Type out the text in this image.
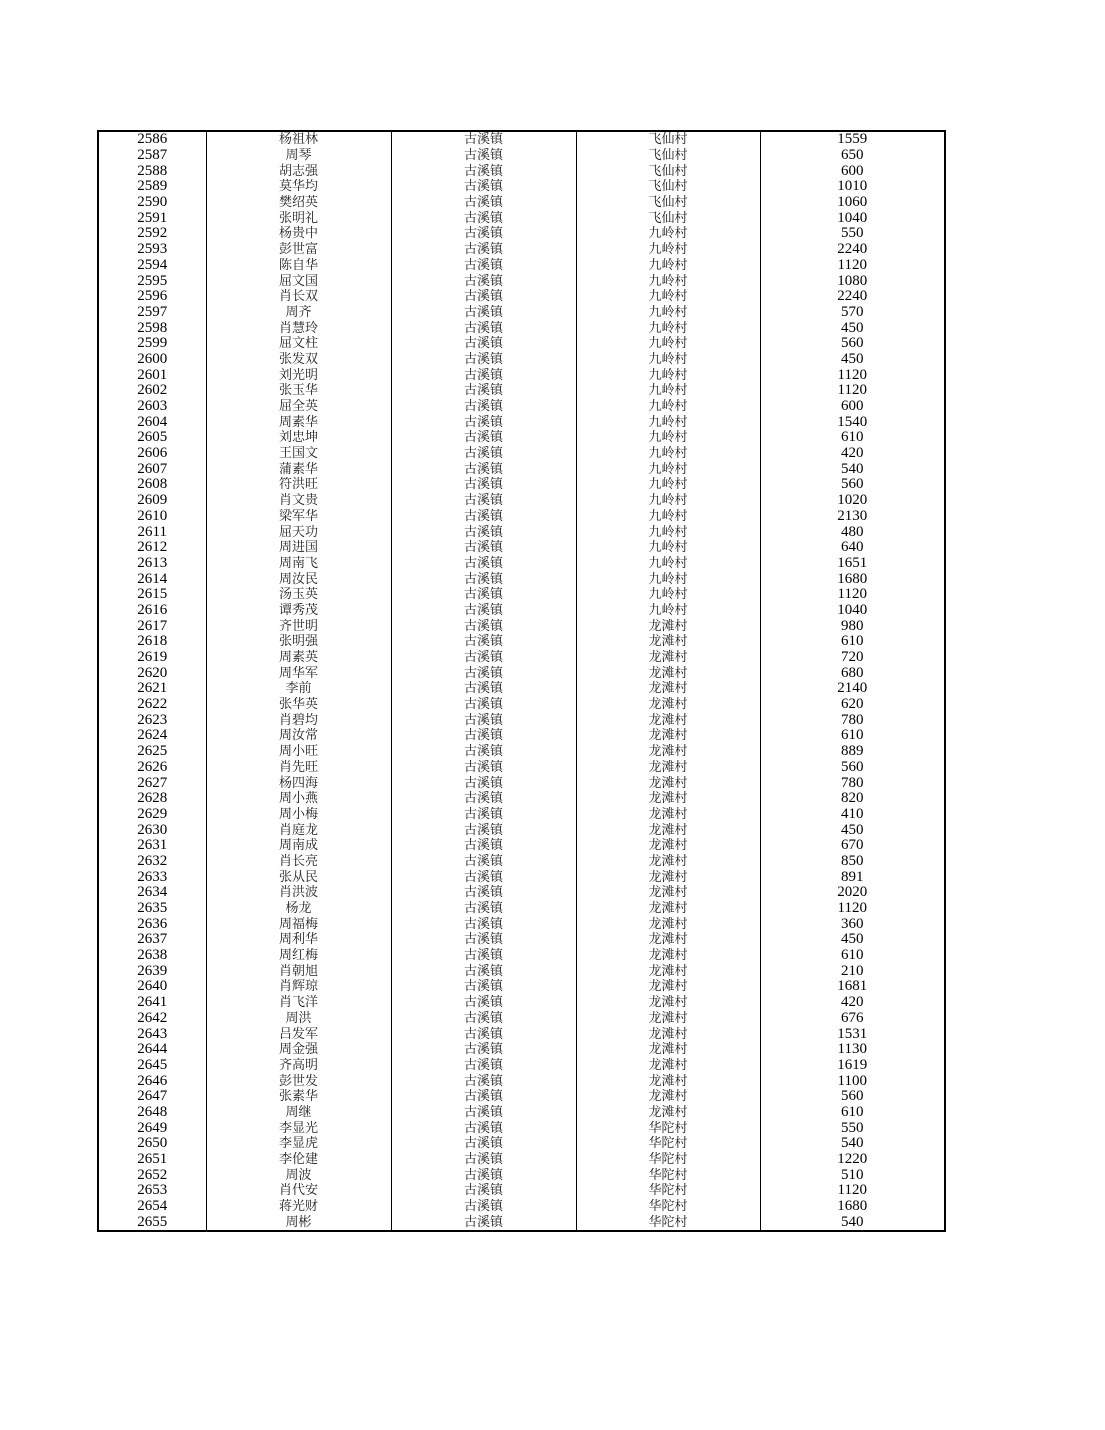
2586	杨祖林	古溪镇	飞仙村	1559
2587	周琴	古溪镇	飞仙村	650
2588	胡志强	古溪镇	飞仙村	600
2589	莫华均	古溪镇	飞仙村	1010
2590	樊绍英	古溪镇	飞仙村	1060
2591	张明礼	古溪镇	飞仙村	1040
2592	杨贵中	古溪镇	九岭村	550
2593	彭世富	古溪镇	九岭村	2240
2594	陈自华	古溪镇	九岭村	1120
2595	屈文国	古溪镇	九岭村	1080
2596	肖长双	古溪镇	九岭村	2240
2597	周齐	古溪镇	九岭村	570
2598	肖慧玲	古溪镇	九岭村	450
2599	屈文柱	古溪镇	九岭村	560
2600	张发双	古溪镇	九岭村	450
2601	刘光明	古溪镇	九岭村	1120
2602	张玉华	古溪镇	九岭村	1120
2603	屈全英	古溪镇	九岭村	600
2604	周素华	古溪镇	九岭村	1540
2605	刘忠坤	古溪镇	九岭村	610
2606	王国文	古溪镇	九岭村	420
2607	蒲素华	古溪镇	九岭村	540
2608	符洪旺	古溪镇	九岭村	560
2609	肖文贵	古溪镇	九岭村	1020
2610	梁军华	古溪镇	九岭村	2130
2611	屈天功	古溪镇	九岭村	480
2612	周进国	古溪镇	九岭村	640
2613	周南飞	古溪镇	九岭村	1651
2614	周汝民	古溪镇	九岭村	1680
2615	汤玉英	古溪镇	九岭村	1120
2616	谭秀茂	古溪镇	九岭村	1040
2617	齐世明	古溪镇	龙滩村	980
2618	张明强	古溪镇	龙滩村	610
2619	周素英	古溪镇	龙滩村	720
2620	周华军	古溪镇	龙滩村	680
2621	李前	古溪镇	龙滩村	2140
2622	张华英	古溪镇	龙滩村	620
2623	肖碧均	古溪镇	龙滩村	780
2624	周汝常	古溪镇	龙滩村	610
2625	周小旺	古溪镇	龙滩村	889
2626	肖先旺	古溪镇	龙滩村	560
2627	杨四海	古溪镇	龙滩村	780
2628	周小燕	古溪镇	龙滩村	820
2629	周小梅	古溪镇	龙滩村	410
2630	肖庭龙	古溪镇	龙滩村	450
2631	周南成	古溪镇	龙滩村	670
2632	肖长亮	古溪镇	龙滩村	850
2633	张从民	古溪镇	龙滩村	891
2634	肖洪波	古溪镇	龙滩村	2020
2635	杨龙	古溪镇	龙滩村	1120
2636	周福梅	古溪镇	龙滩村	360
2637	周利华	古溪镇	龙滩村	450
2638	周红梅	古溪镇	龙滩村	610
2639	肖朝旭	古溪镇	龙滩村	210
2640	肖辉琼	古溪镇	龙滩村	1681
2641	肖飞洋	古溪镇	龙滩村	420
2642	周洪	古溪镇	龙滩村	676
2643	吕发军	古溪镇	龙滩村	1531
2644	周金强	古溪镇	龙滩村	1130
2645	齐高明	古溪镇	龙滩村	1619
2646	彭世发	古溪镇	龙滩村	1100
2647	张素华	古溪镇	龙滩村	560
2648	周继	古溪镇	龙滩村	610
2649	李显光	古溪镇	华陀村	550
2650	李显虎	古溪镇	华陀村	540
2651	李伦建	古溪镇	华陀村	1220
2652	周波	古溪镇	华陀村	510
2653	肖代安	古溪镇	华陀村	1120
2654	蒋光财	古溪镇	华陀村	1680
2655	周彬	古溪镇	华陀村	540
